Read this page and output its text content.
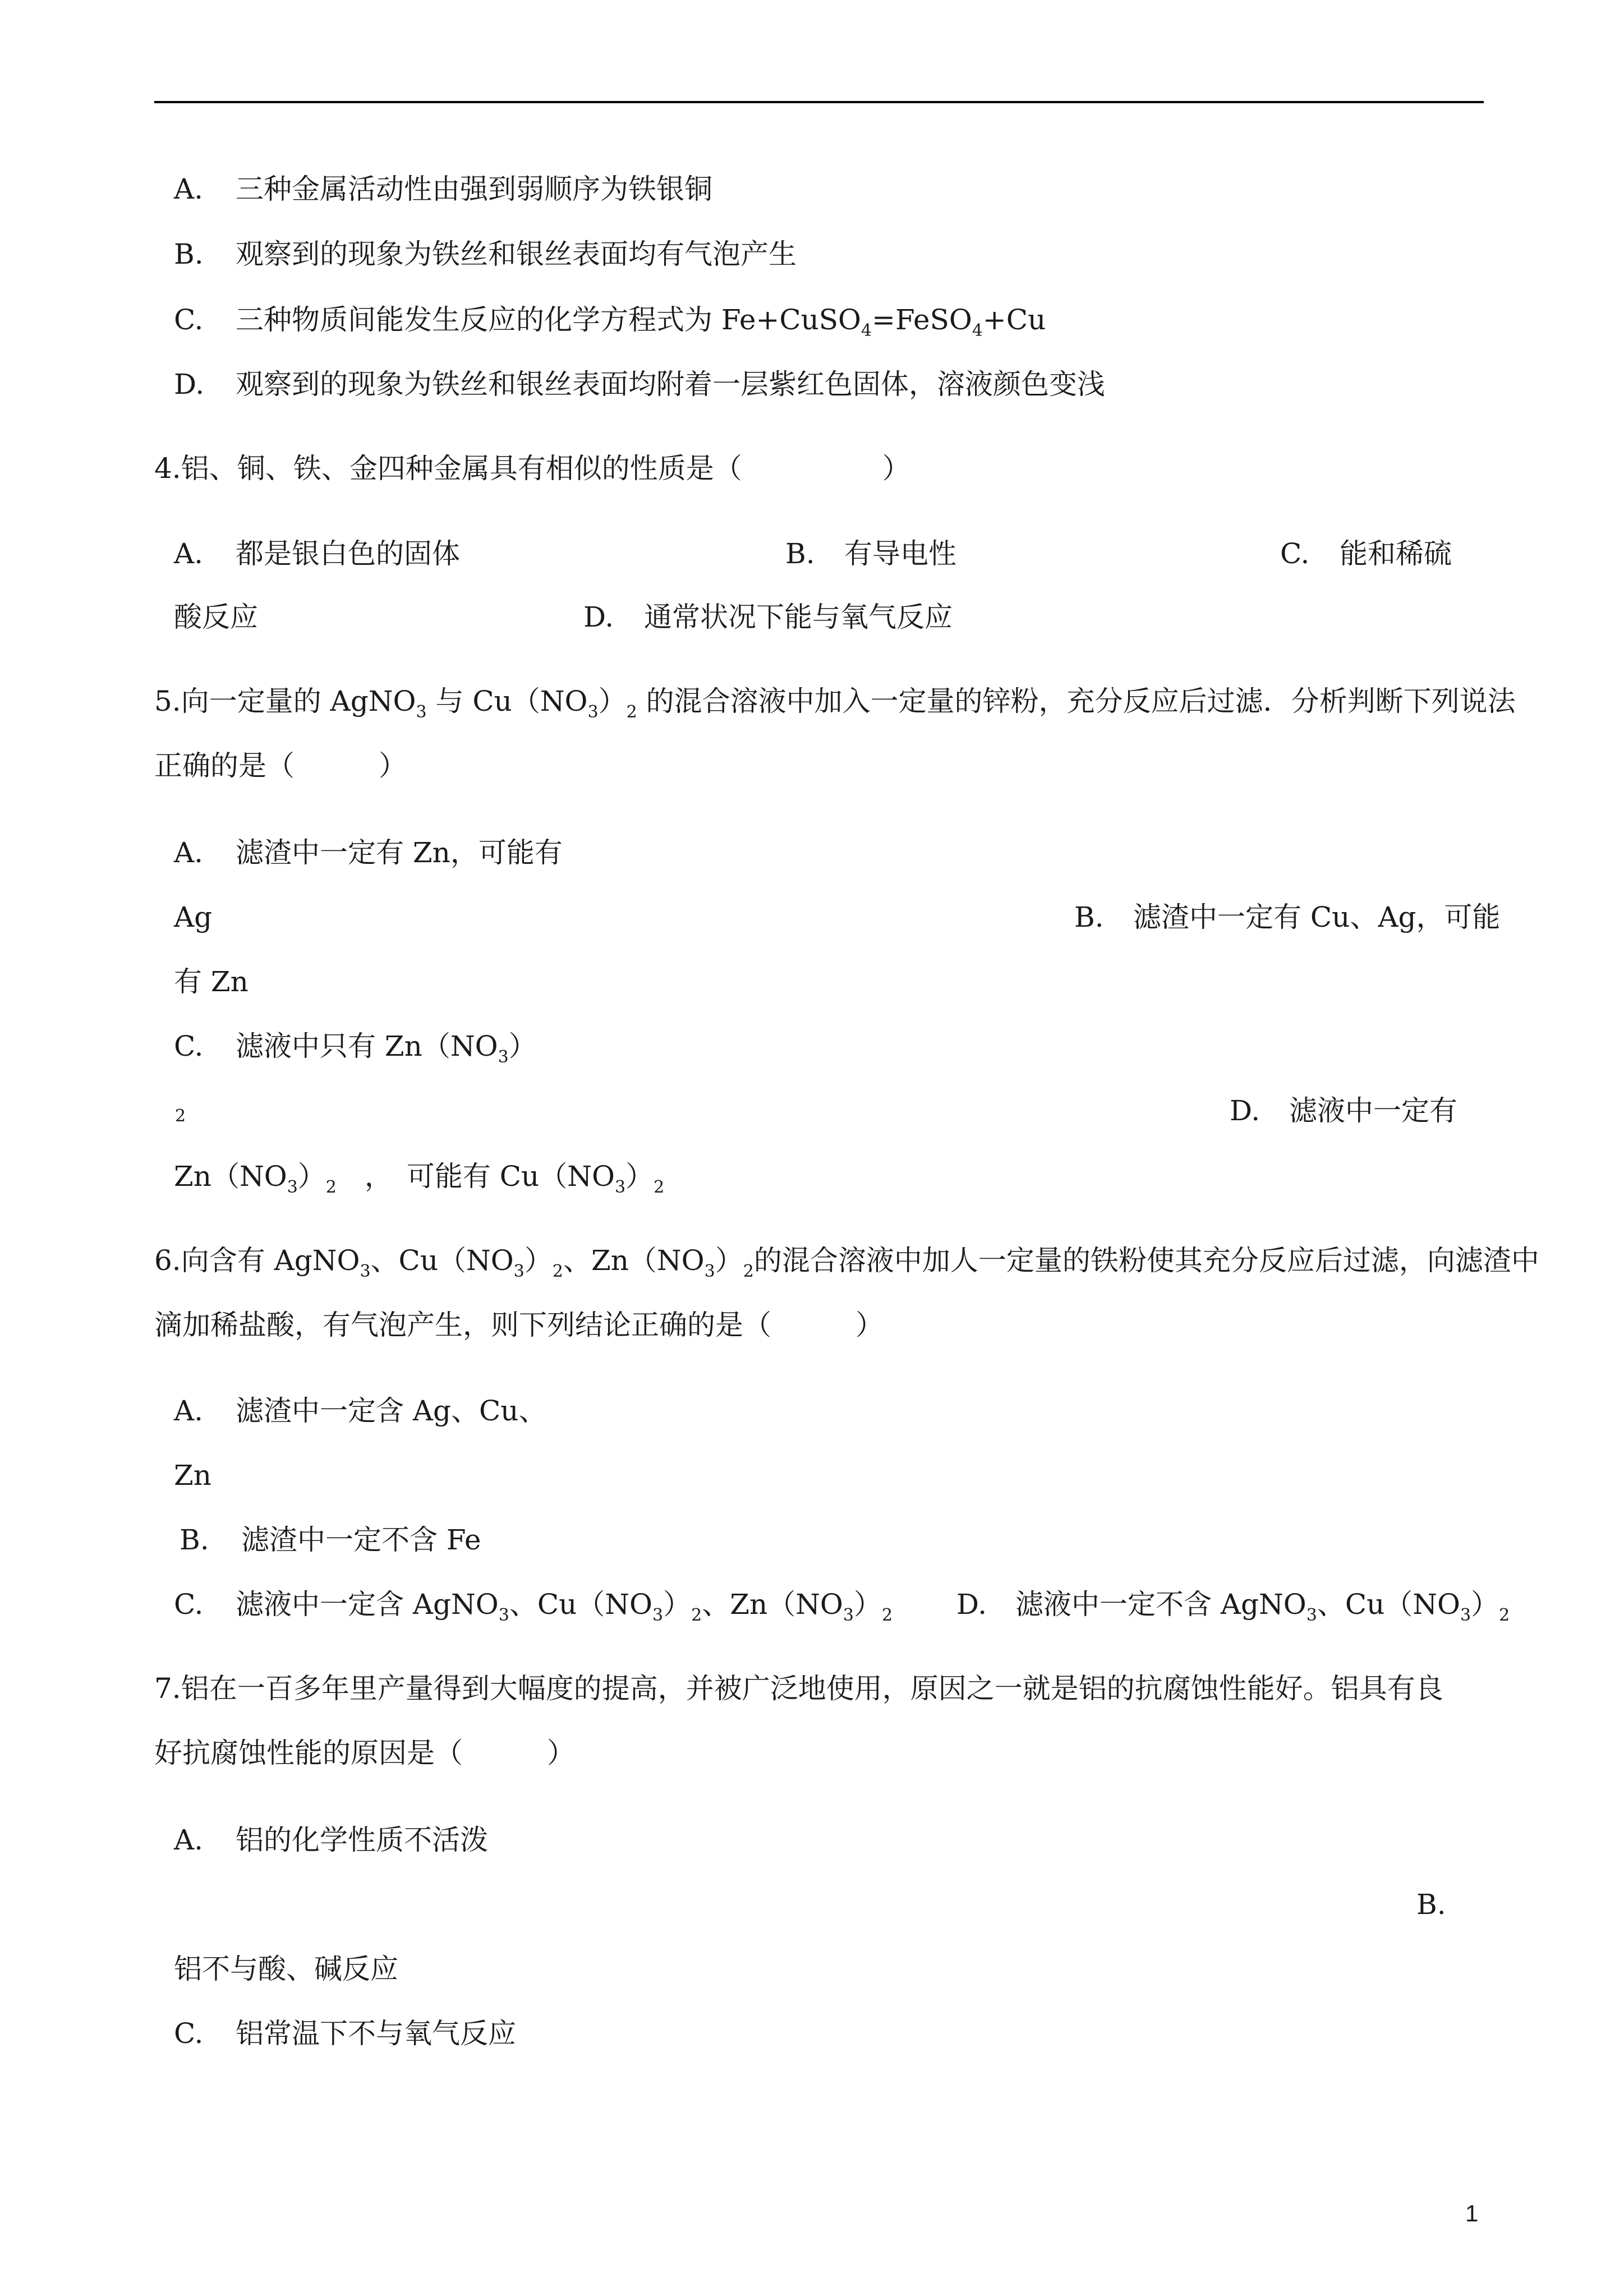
A. 三种金属活动性由强到弱顺序为铁银铜
B. 观察到的现象为铁丝和银丝表面均有气泡产生
C. 三种物质间能发生反应的化学方程式为 Fe+CuSO$_4$=FeSO$_4$+Cu
D. 观察到的现象为铁丝和银丝表面均附着一层紫红色固体，溶液颜色变浅
4.铝、铜、铁、金四种金属具有相似的性质是（　　　　　）
A. 都是银白色的固体	B. 有导电性	C. 能和稀硫
酸反应	D. 通常状况下能与氧气反应
5.向一定量的 AgNO$_3$ 与 $Cu(NO_3)_2$ 的混合溶液中加入一定量的锌粉，充分反应后过滤．分析判断下列说法
正确的是（　　　）
A. 滤渣中一定有 Zn，可能有
Ag	B. 滤渣中一定有 Cu、Ag，可能
有 Zn
C. 滤液中只有 $Zn(NO_3)$
2	D. 滤液中一定有
$Zn(NO_3)_2$　，　可能有 $Cu(NO_3)_2$
6.向含有 AgNO$_3$、$Cu(NO_3)_2$、$Zn(NO_3)_2$的混合溶液中加人一定量的铁粉使其充分反应后过滤，向滤渣中
滴加稀盐酸，有气泡产生，则下列结论正确的是（　　　）
A. 滤渣中一定含 Ag、Cu、
Zn
B. 滤渣中一定不含 Fe
C. 滤液中一定含 AgNO$_3$、$Cu(NO_3)_2$、$Zn(NO_3)_2$ D. 滤液中一定不含 AgNO$_3$、$Cu(NO_3)_2$
7.铝在一百多年里产量得到大幅度的提高，并被广泛地使用，原因之一就是铝的抗腐蚀性能好。铝具有良
好抗腐蚀性能的原因是（　　　）
A. 铝的化学性质不活泼
B.
铝不与酸、碱反应
C. 铝常温下不与氧气反应
1
